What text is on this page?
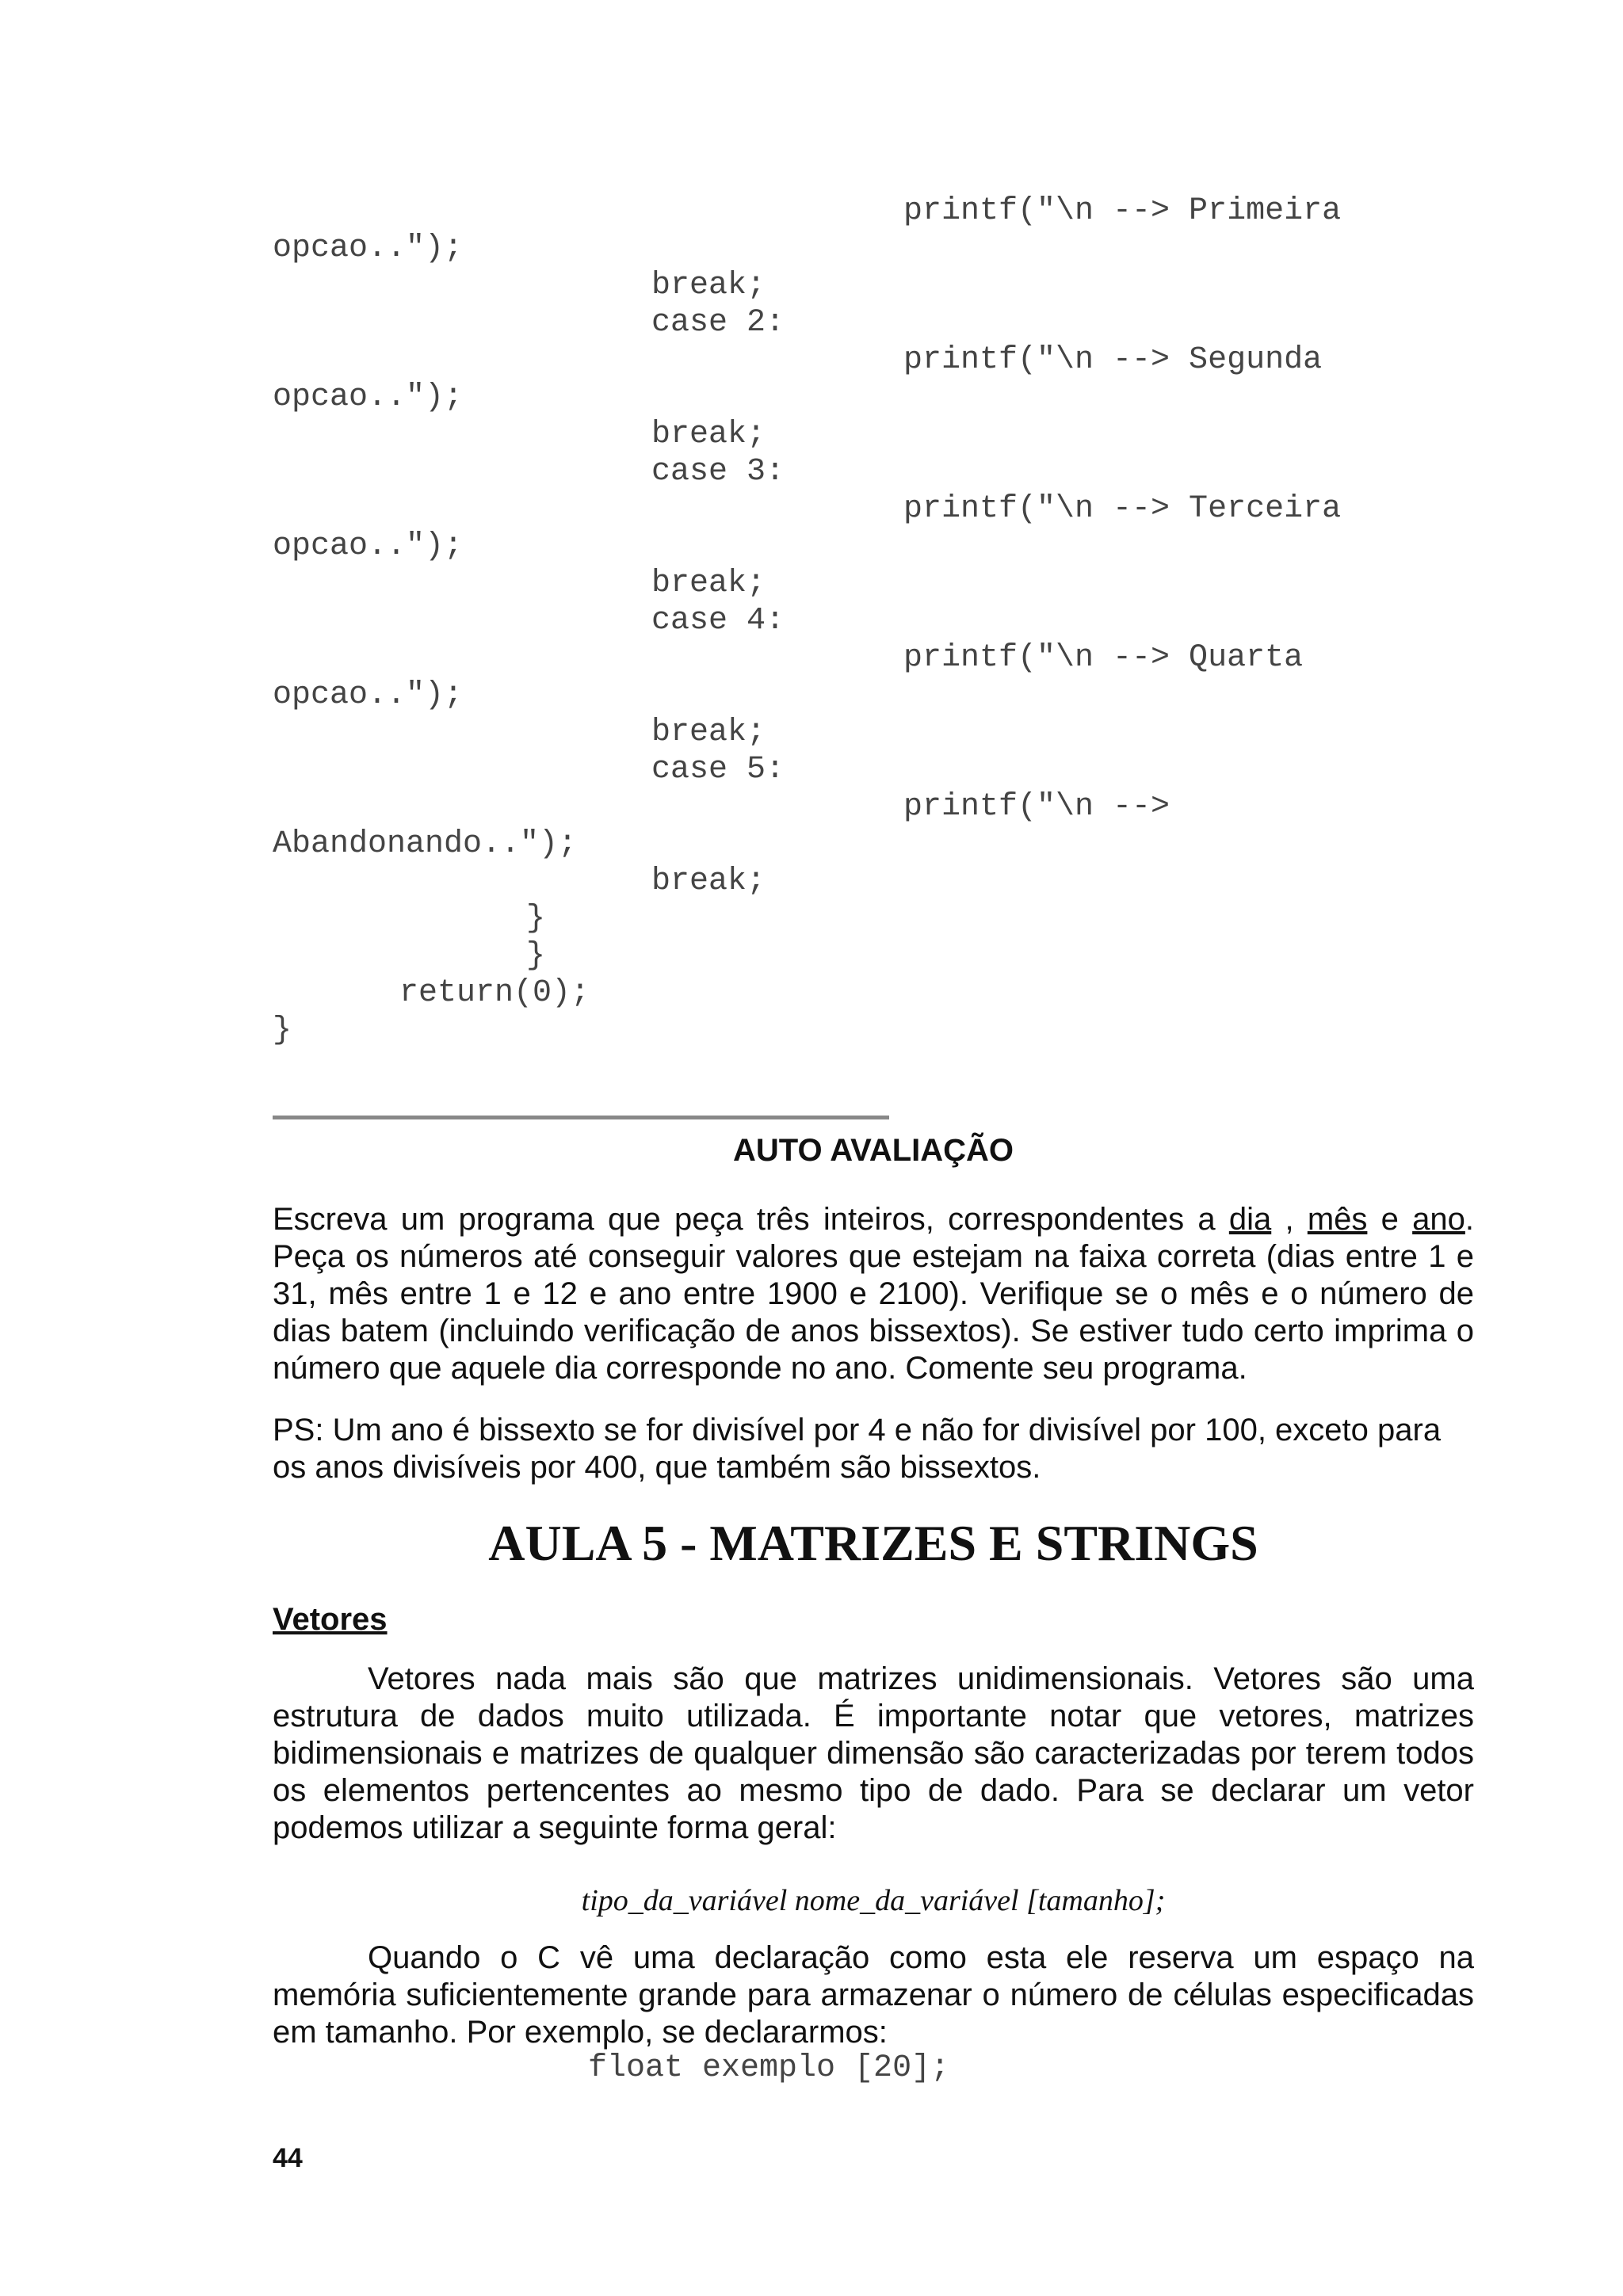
printf("\n --> Primeira

opcao..");

break;

case 2:

printf("\n --> Segunda

opcao..");

break;

case 3:

printf("\n --> Terceira

opcao..");

break;

case 4:

printf("\n --> Quarta

opcao..");

break;

case 5:

printf("\n -->

Abandonando..");

break;

}

}

return(0);

}

AUTO AVALIAÇÃO

Escreva um programa que peça três inteiros, correspondentes a dia , mês e ano. Peça os números até conseguir valores que estejam na faixa correta (dias entre 1 e 31, mês entre 1 e 12 e ano entre 1900 e 2100). Verifique se o mês e o número de dias batem (incluindo verificação de anos bissextos). Se estiver tudo certo imprima o número que aquele dia corresponde no ano. Comente seu programa.

PS: Um ano é bissexto se for divisível por 4 e não for divisível por 100, exceto para os anos divisíveis por 400, que também são bissextos.

AULA 5 - MATRIZES E STRINGS
Vetores

Vetores nada mais são que matrizes unidimensionais. Vetores são uma estrutura de dados muito utilizada. É importante notar que vetores, matrizes bidimensionais e matrizes de qualquer dimensão são caracterizadas por terem todos os elementos pertencentes ao mesmo tipo de dado. Para se declarar um vetor podemos utilizar a seguinte forma geral:

tipo_da_variável nome_da_variável [tamanho];

Quando o C vê uma declaração como esta ele reserva um espaço na memória suficientemente grande para armazenar o número de células especificadas em tamanho. Por exemplo, se declararmos:

float exemplo [20];

44
